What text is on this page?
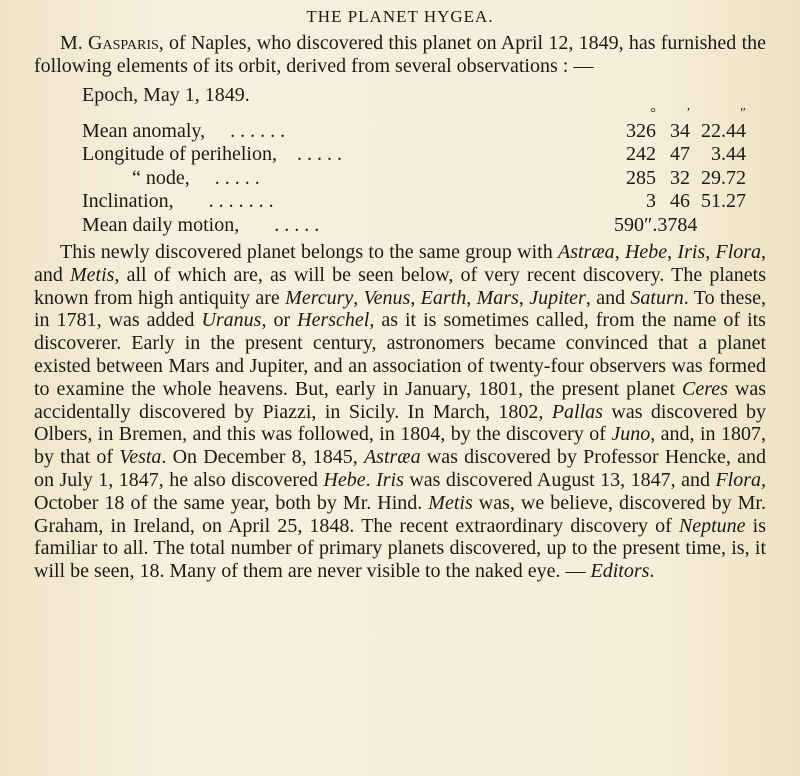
THE PLANET HYGEA.

M. Gasparis, of Naples, who discovered this planet on April 12, 1849, has furnished the following elements of its orbit, derived from several observations : —

Epoch, May 1, 1849.			
	°	′	″
Mean anomaly, . . . . . .	326	34	22.44
Longitude of perihelion, . . . . .	242	47	3.44
“ node, . . . . .	285	32	29.72
Inclination, . . . . . . .	3	46	51.27
Mean daily motion, . . . . .	590″.3784		

This newly discovered planet belongs to the same group with Astræa, Hebe, Iris, Flora, and Metis, all of which are, as will be seen below, of very recent discovery. The planets known from high antiquity are Mercury, Venus, Earth, Mars, Jupiter, and Saturn. To these, in 1781, was added Uranus, or Herschel, as it is sometimes called, from the name of its discoverer. Early in the present century, astronomers became convinced that a planet existed between Mars and Jupiter, and an association of twenty-four observers was formed to examine the whole heavens. But, early in January, 1801, the present planet Ceres was accidentally discovered by Piazzi, in Sicily. In March, 1802, Pallas was discovered by Olbers, in Bremen, and this was followed, in 1804, by the discovery of Juno, and, in 1807, by that of Vesta. On December 8, 1845, Astræa was discovered by Professor Hencke, and on July 1, 1847, he also discovered Hebe. Iris was discovered August 13, 1847, and Flora, October 18 of the same year, both by Mr. Hind. Metis was, we believe, discovered by Mr. Graham, in Ireland, on April 25, 1848. The recent extraordinary discovery of Neptune is familiar to all. The total number of primary planets discovered, up to the present time, is, it will be seen, 18. Many of them are never visible to the naked eye. — Editors.
